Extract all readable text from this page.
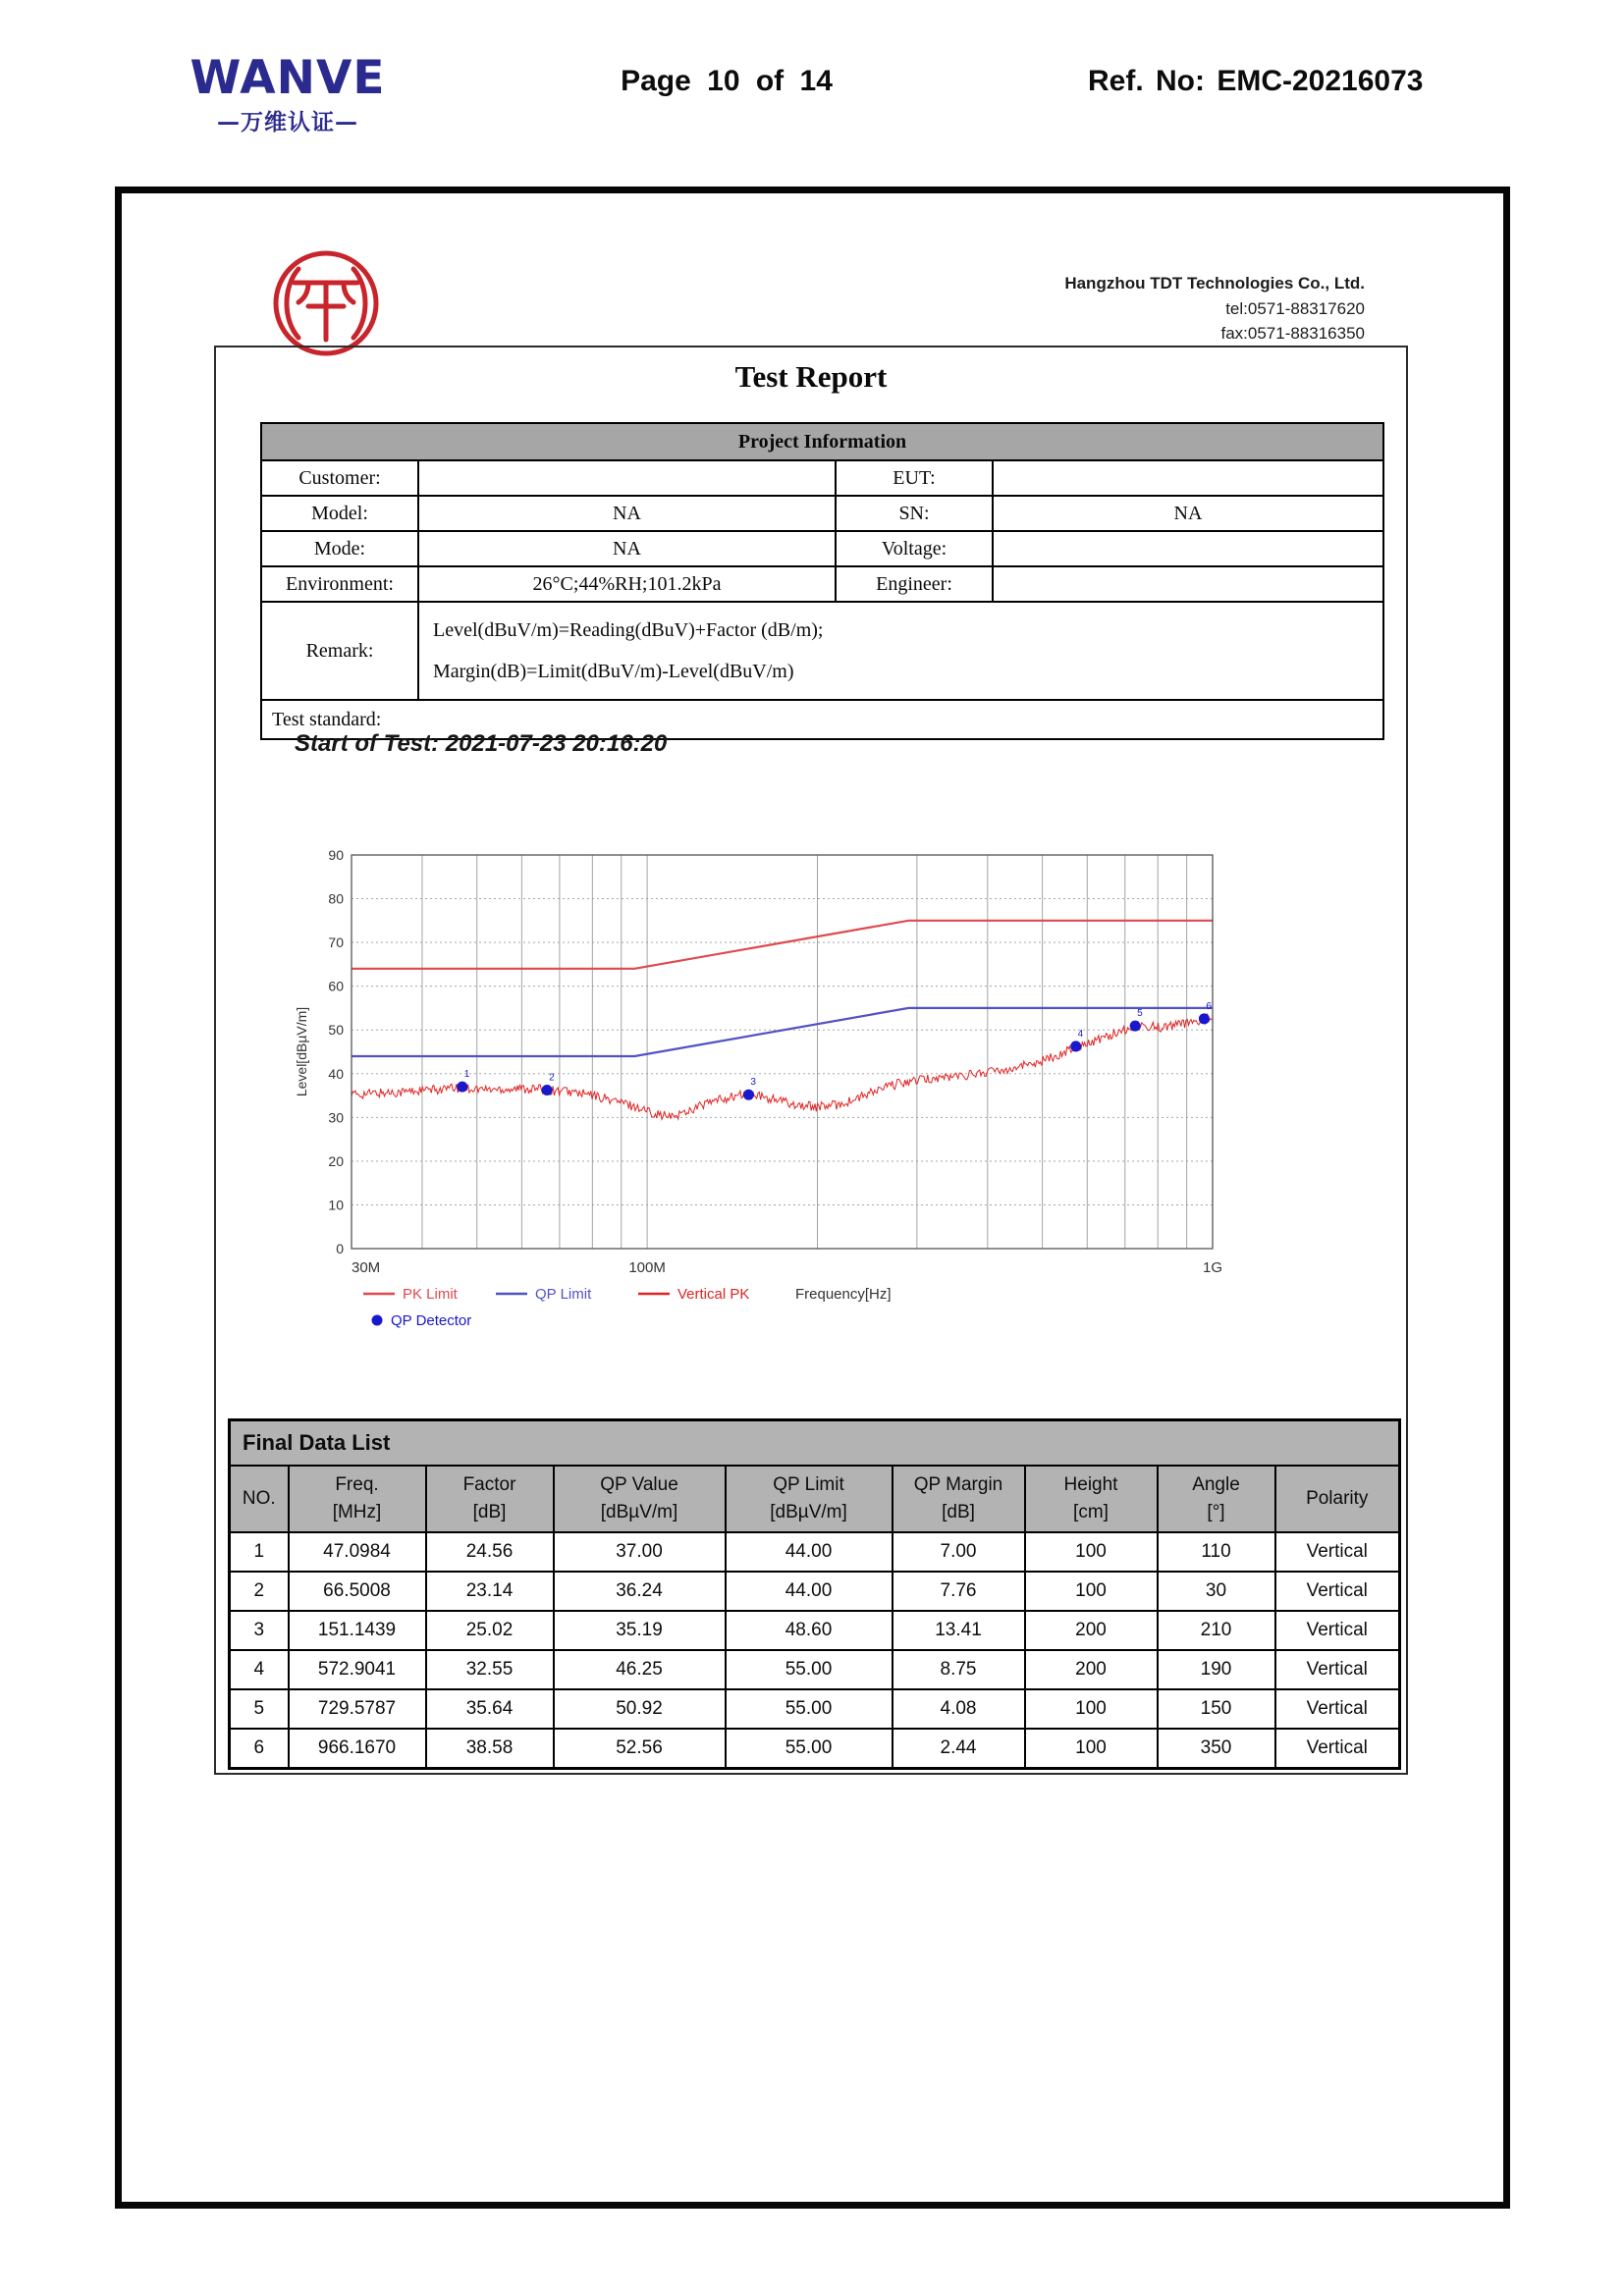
WANVE
—万维认证—
Page 10 of 14	Ref. No: EMC-20216073
Hangzhou TDT Technologies Co., Ltd.
tel:0571-88317620
fax:0571-88316350
Test Report
Project Information			
Customer:		EUT:	
Model:	NA	SN:	NA
Mode:	NA	Voltage:	
Environment:	26°C;44%RH;101.2kPa	Engineer:	
Remark:	Level(dBuV/m)=Reading(dBuV)+Factor (dB/m);
Margin(dB)=Limit(dBuV/m)-Level(dBuV/m)		

Test standard:			
Start of Test: 2021-07-23 20:16:20
0
10
20
30
40
50
60
70
80
90
30M	100M	1G
Level[dBµV/m]	1	2	3
4
5
6
PK Limit	QP Limit	Vertical PK	Frequency[Hz]
QP Detector
Final Data List								

NO.

Freq.
[MHz]

Factor
[dB]

QP Value
[dBµV/m]

QP Limit
[dBµV/m]

QP Margin
[dB]

Height
[cm]

Angle
[°]

Polarity

1	47.0984	24.56	37.00	44.00	7.00	100	110	Vertical
2	66.5008	23.14	36.24	44.00	7.76	100	30	Vertical
3	151.1439	25.02	35.19	48.60	13.41	200	210	Vertical
4	572.9041	32.55	46.25	55.00	8.75	200	190	Vertical
5	729.5787	35.64	50.92	55.00	4.08	100	150	Vertical
6	966.1670	38.58	52.56	55.00	2.44	100	350	Vertical
